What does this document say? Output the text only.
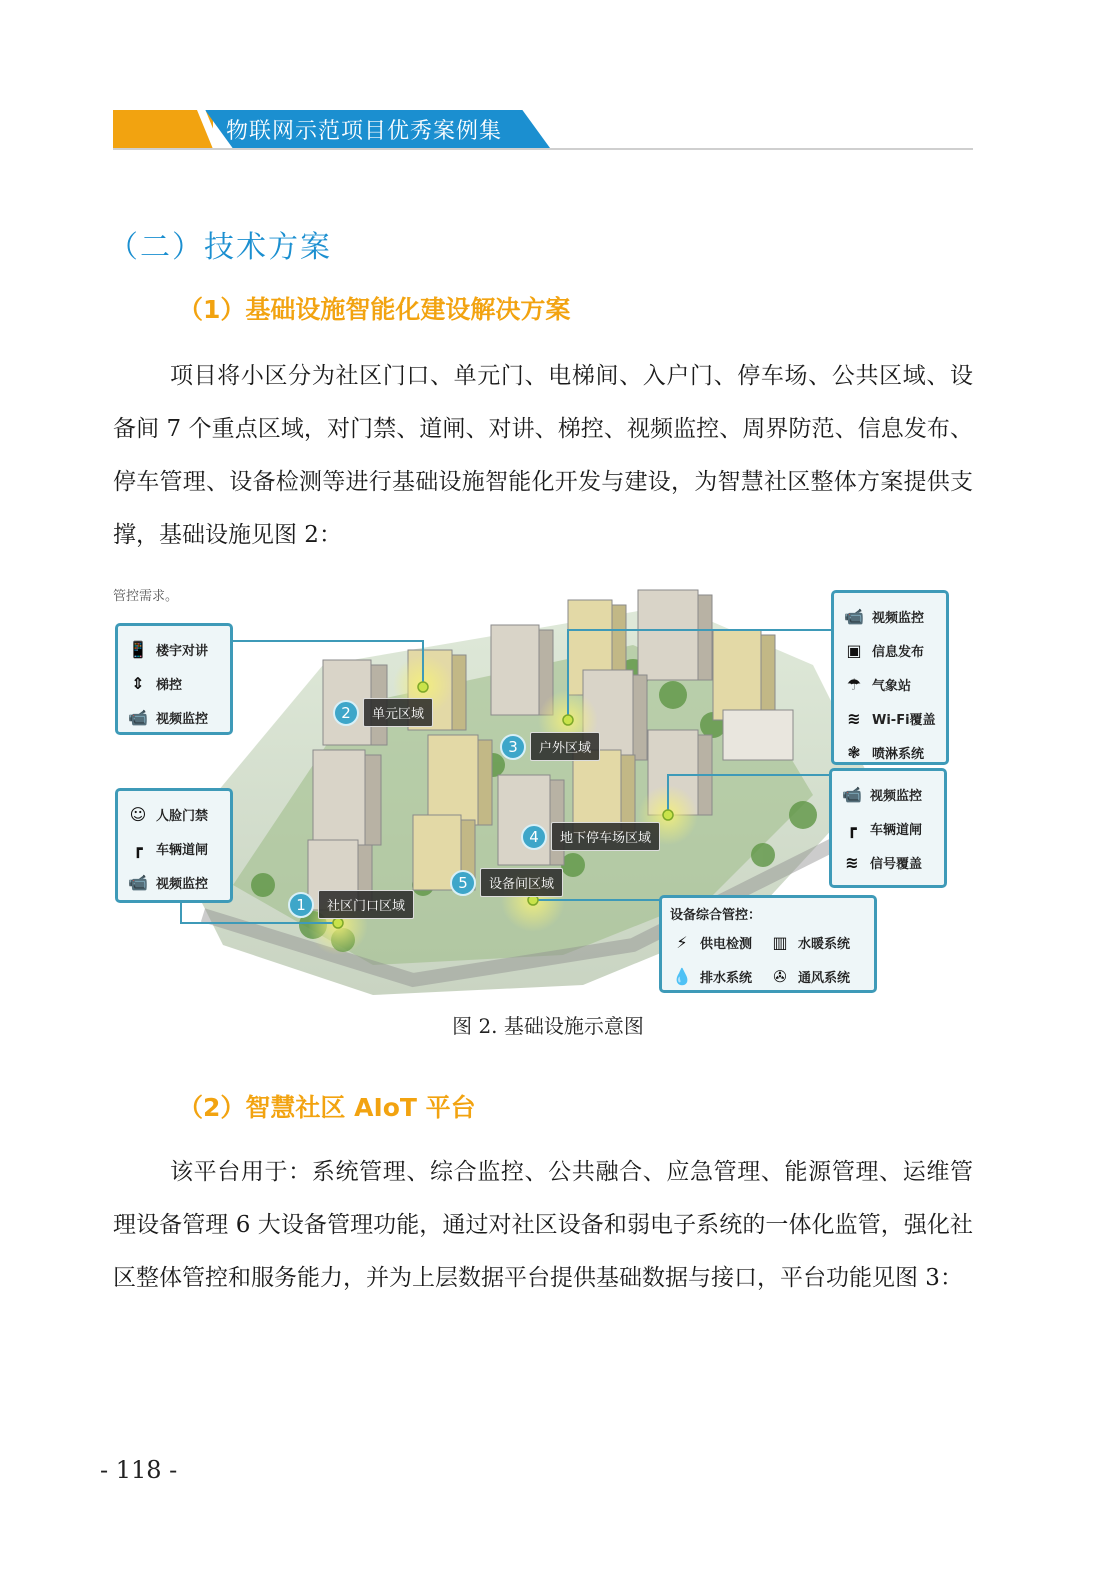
物联网示范项目优秀案例集
（二）技术方案
（1）基础设施智能化建设解决方案

项目将小区分为社区门口、单元门、电梯间、入户门、停车场、公共区域、设备间 7 个重点区域，对门禁、道闸、对讲、梯控、视频监控、周界防范、信息发布、停车管理、设备检测等进行基础设施智能化开发与建设，为智慧社区整体方案提供支撑，基础设施见图 2：

管控需求。
📱 楼宇对讲
⇕ 梯控
📹 视频监控
☺ 人脸门禁
┏	车辆道闸
📹 视频监控
📹 视频监控
▣ 信息发布
☂ 气象站
≋ Wi-Fi覆盖
❃ 喷淋系统
📹 视频监控
┏	车辆道闸
≋ 信号覆盖
设备综合管控：
⚡ 供电检测 ▥ 水暖系统
💧 排水系统	✇ 通风系统
1	社区门口区域
2	单元区域
3	户外区域
4	地下停车场区域
5	设备间区域
图 2. 基础设施示意图
（2）智慧社区 AIoT 平台

该平台用于：系统管理、综合监控、公共融合、应急管理、能源管理、运维管理设备管理 6 大设备管理功能，通过对社区设备和弱电子系统的一体化监管，强化社区整体管控和服务能力，并为上层数据平台提供基础数据与接口，平台功能见图 3：

- 118 -
